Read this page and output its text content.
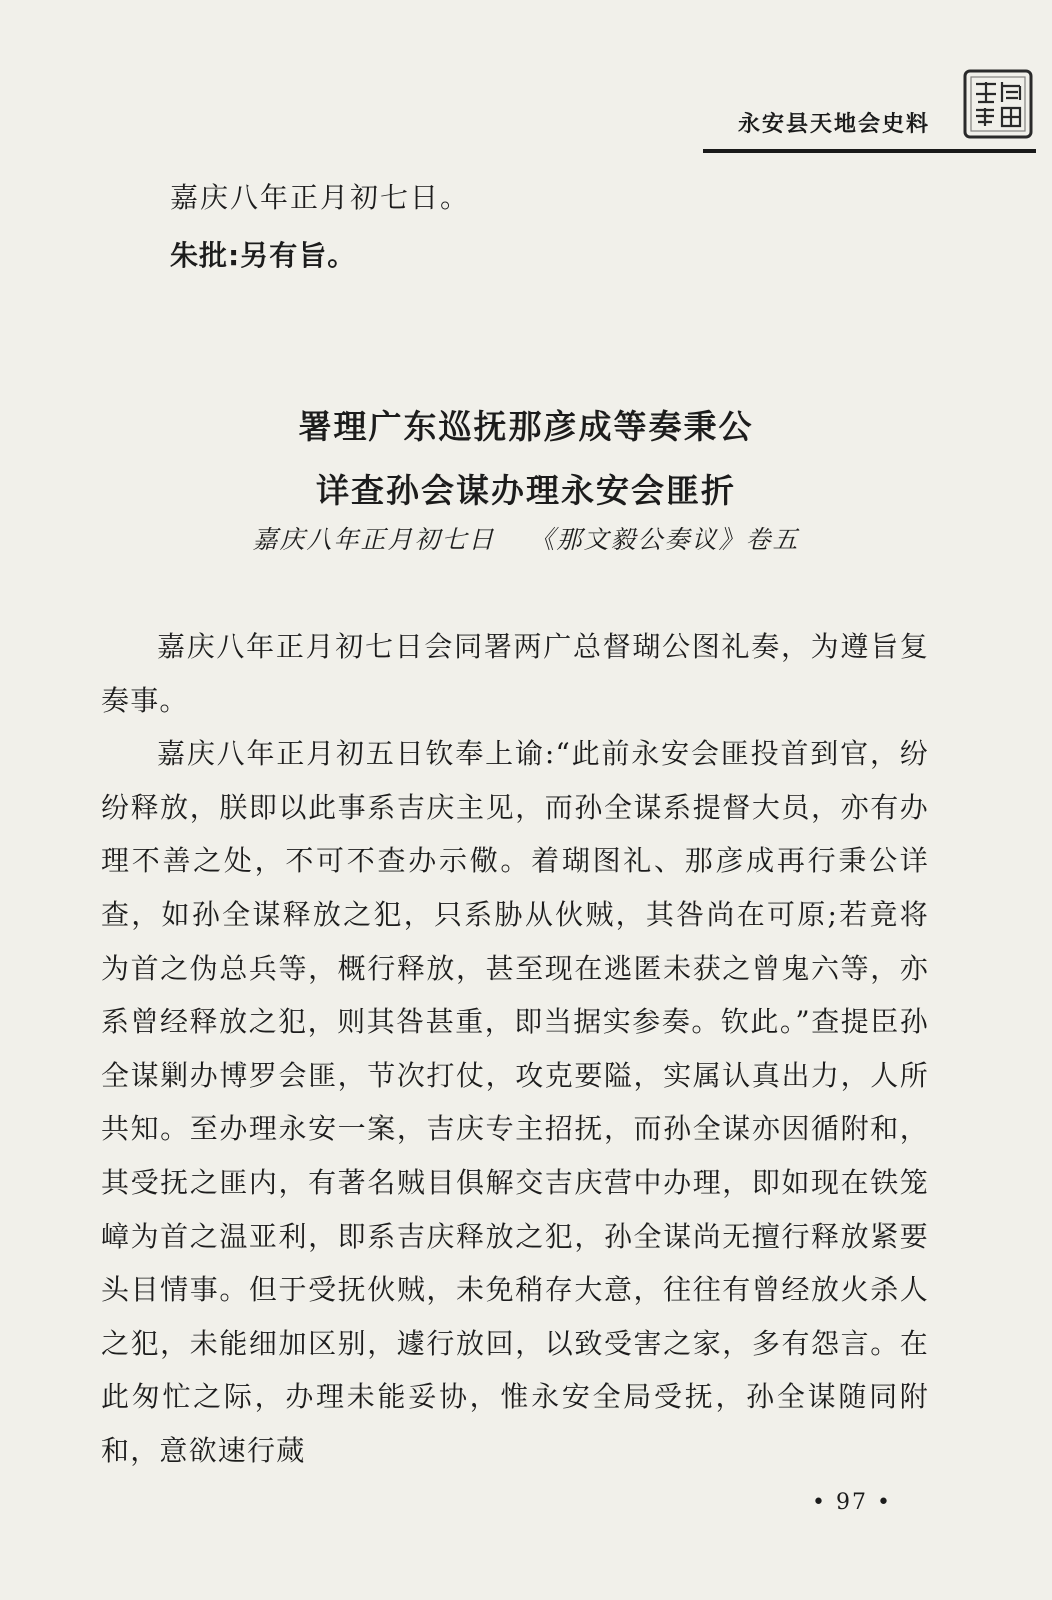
永安县天地会史料
嘉庆八年正月初七日。
朱批:另有旨。
署理广东巡抚那彦成等奏秉公
详查孙会谋办理永安会匪折
嘉庆八年正月初七日 《那文毅公奏议》卷五

嘉庆八年正月初七日会同署两广总督瑚公图礼奏，为遵旨复奏事。

嘉庆八年正月初五日钦奉上谕:“此前永安会匪投首到官，纷纷释放，朕即以此事系吉庆主见，而孙全谋系提督大员，亦有办理不善之处，不可不查办示儆。着瑚图礼、那彦成再行秉公详查，如孙全谋释放之犯，只系胁从伙贼，其咎尚在可原;若竟将为首之伪总兵等，概行释放，甚至现在逃匿未获之曾鬼六等，亦系曾经释放之犯，则其咎甚重，即当据实参奏。钦此。”查提臣孙全谋剿办博罗会匪，节次打仗，攻克要隘，实属认真出力，人所共知。至办理永安一案，吉庆专主招抚，而孙全谋亦因循附和，其受抚之匪内，有著名贼目俱解交吉庆营中办理，即如现在铁笼嶂为首之温亚利，即系吉庆释放之犯，孙全谋尚无擅行释放紧要头目情事。但于受抚伙贼，未免稍存大意，往往有曾经放火杀人之犯，未能细加区别，遽行放回，以致受害之家，多有怨言。在此匆忙之际，办理未能妥协，惟永安全局受抚，孙全谋随同附和，意欲速行蒇

• 97 •
